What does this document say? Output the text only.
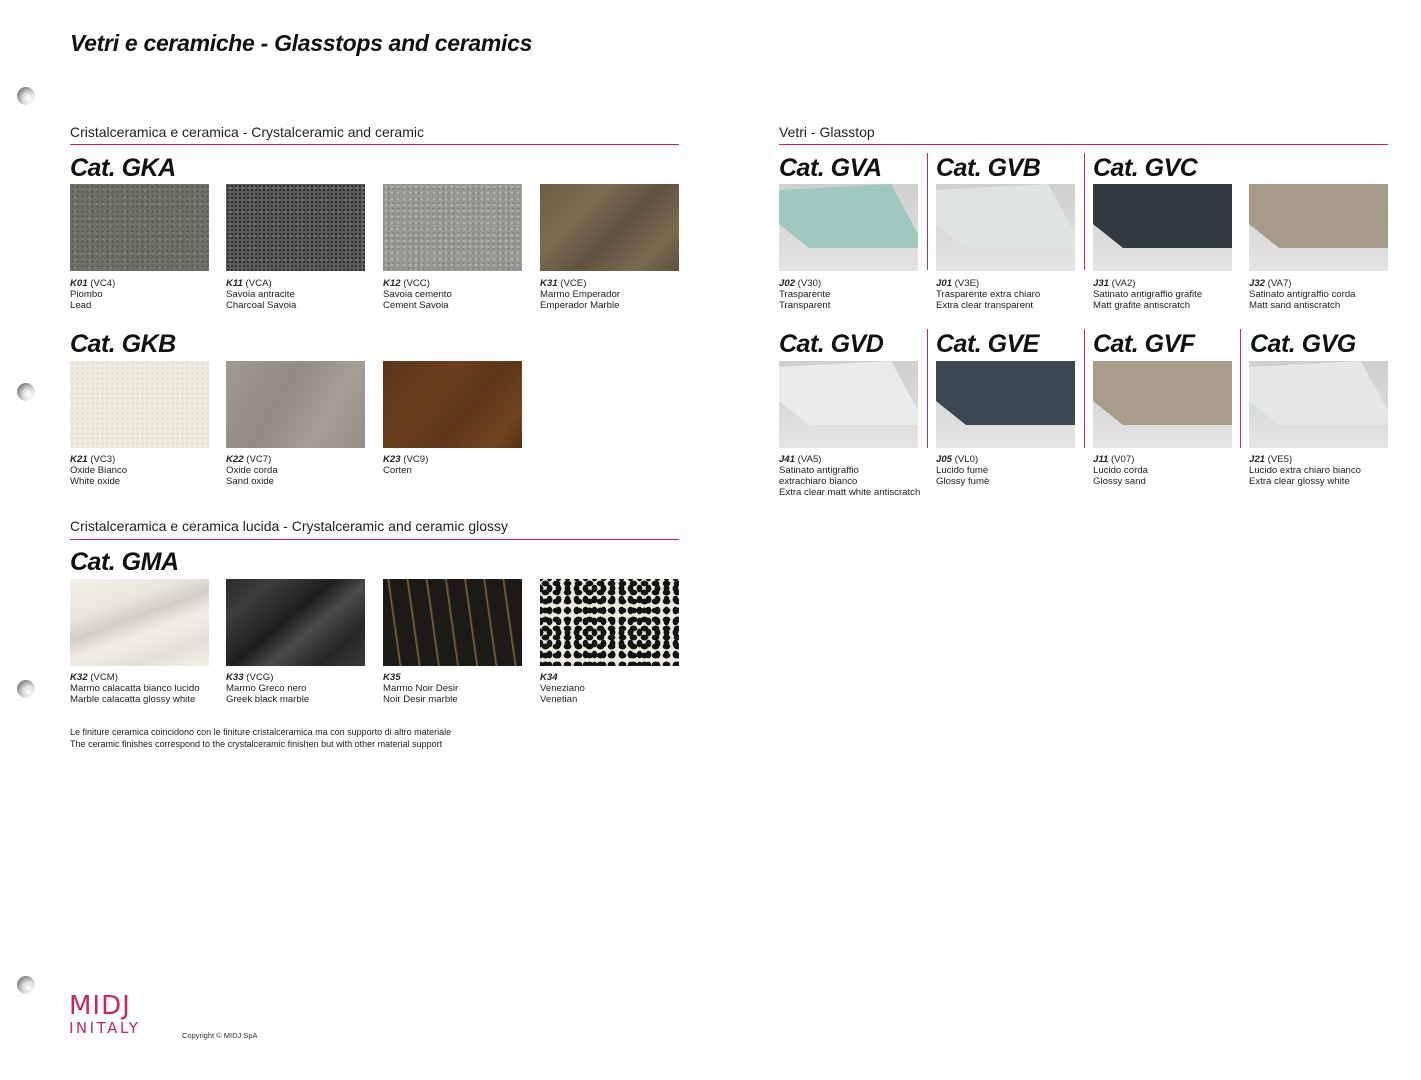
Vetri e ceramiche - Glasstops and ceramics
Cristalceramica e ceramica - Crystalceramic and ceramic
Cat. GKA
K01 (VC4)
Piombo
Lead
K11 (VCA)
Savoia antracite
Charcoal Savoia
K12 (VCC)
Savoia cemento
Cement Savoia
K31 (VCE)
Marmo Emperador
Emperador Marble
Cat. GKB
K21 (VC3)
Oxide Bianco
White oxide
K22 (VC7)
Oxide corda
Sand oxide
K23 (VC9)
Corten
Cristalceramica e ceramica lucida - Crystalceramic and ceramic glossy
Cat. GMA
K32 (VCM)
Marmo calacatta bianco lucido
Marble calacatta glossy white
K33 (VCG)
Marmo Greco nero
Greek black marble
K35
Marmo Noir Desir
Noir Desir marble
K34
Veneziano
Venetian
Le finiture ceramica coincidono con le finiture cristalceramica ma con supporto di altro materiale
The ceramic finishes correspond to the crystalceramic finishen but with other material support
Vetri - Glasstop
Cat. GVA Cat. GVB Cat. GVC
J02 (V30)
Trasparente
Transparent
J01 (V3E)
Trasparente extra chiaro
Extra clear transparent
J31 (VA2)
Satinato antigraffio grafite
Matt grafite antiscratch
J32 (VA7)
Satinato antigraffio corda
Matt sand antiscratch
Cat. GVD Cat. GVE Cat. GVF Cat. GVG
J41 (VA5)
Satinato antigraffio
extrachiaro bianco
Extra clear matt white antiscratch
J05 (VL0)
Lucido fumè
Glossy fumè
J11 (V07)
Lucido corda
Glossy sand
J21 (VE5)
Lucido extra chiaro bianco
Extra clear glossy white
MIDJ
INITALY	Copyright © MIDJ SpA
